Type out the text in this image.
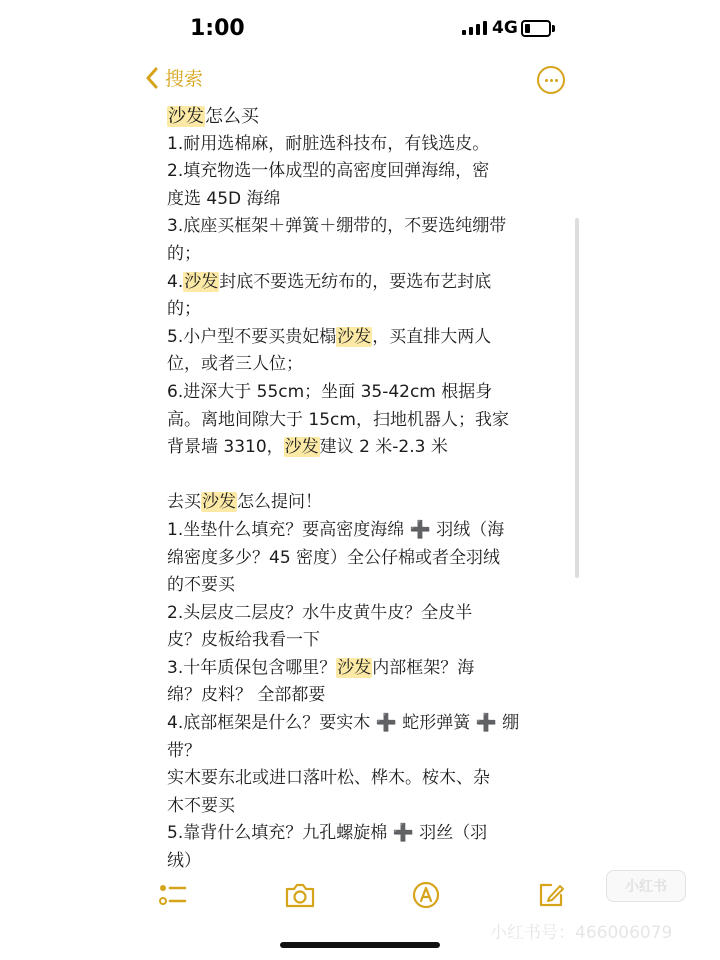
1:00	4G
搜索
沙发怎么买
1.耐用选棉麻，耐脏选科技布，有钱选皮。
2.填充物选一体成型的高密度回弹海绵，密
度选 45D 海绵
3.底座买框架＋弹簧＋绷带的，不要选纯绷带
的；
4.沙发封底不要选无纺布的，要选布艺封底
的；
5.小户型不要买贵妃榻沙发，买直排大两人
位，或者三人位；
6.进深大于 55cm；坐面 35-42cm 根据身
高。离地间隙大于 15cm，扫地机器人；我家
背景墙 3310，沙发建议 2 米-2.3 米
去买沙发怎么提问！
1.坐垫什么填充？要高密度海绵 ➕ 羽绒（海
绵密度多少？45 密度）全公仔棉或者全羽绒
的不要买
2.头层皮二层皮？水牛皮黄牛皮？全皮半
皮？皮板给我看一下
3.十年质保包含哪里？沙发内部框架？海
绵？皮料？ 全部都要
4.底部框架是什么？要实木 ➕ 蛇形弹簧 ➕ 绷
带？
实木要东北或进口落叶松、桦木。桉木、杂
木不要买
5.靠背什么填充？九孔螺旋棉 ➕ 羽丝（羽
绒）
小红书
小红书号：466006079
